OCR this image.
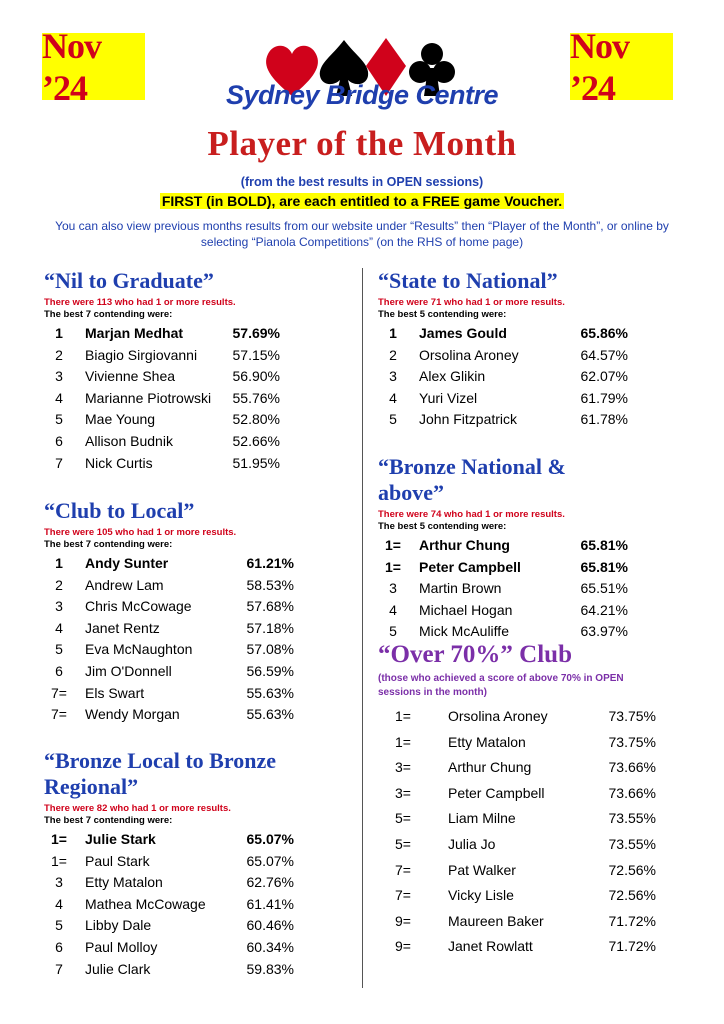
Nov ’24
Nov ’24
Sydney Bridge Centre
Player of the Month
(from the best results in OPEN sessions)
FIRST (in BOLD), are each entitled to a FREE game Voucher.
You can also view previous months results from our website under “Results” then “Player of the Month”, or online by selecting “Pianola Competitions” (on the RHS of home page)
“Nil to Graduate”
There were 113 who had 1 or more results.
The best 7 contending were:
1	Marjan Medhat	57.69%
2	Biagio Sirgiovanni	57.15%
3	Vivienne Shea	56.90%
4	Marianne Piotrowski 55.76%
5	Mae Young	52.80%
6	Allison Budnik	52.66%
7	Nick Curtis	51.95%
“Club to Local”
There were 105 who had 1 or more results.
The best 7 contending were:
1	Andy Sunter	61.21%
2	Andrew Lam	58.53%
3	Chris McCowage	57.68%
4	Janet Rentz	57.18%
5	Eva McNaughton	57.08%
6	Jim O'Donnell	56.59%
7=	Els Swart	55.63%
7=	Wendy Morgan	55.63%
“Bronze Local to Bronze
Regional”
There were 82 who had 1 or more results.
The best 7 contending were:
1=	Julie Stark	65.07%
1=	Paul Stark	65.07%
3	Etty Matalon	62.76%
4	Mathea McCowage	61.41%
5	Libby Dale	60.46%
6	Paul Molloy	60.34%
7	Julie Clark	59.83%
“State to National”
There were 71 who had 1 or more results.
The best 5 contending were:
1	James Gould	65.86%
2	Orsolina Aroney	64.57%
3	Alex Glikin	62.07%
4	Yuri Vizel	61.79%
5	John Fitzpatrick	61.78%
“Bronze National & above”
There were 74 who had 1 or more results.
The best 5 contending were:
1=	Arthur Chung	65.81%
1=	Peter Campbell	65.81%
3	Martin Brown	65.51%
4	Michael Hogan	64.21%
5	Mick McAuliffe	63.97%
“Over 70%” Club
(those who achieved a score of above 70% in OPEN sessions in the month)
1=	Orsolina Aroney	73.75%
1=	Etty Matalon	73.75%
3=	Arthur Chung	73.66%
3=	Peter Campbell	73.66%
5=	Liam Milne	73.55%
5=	Julia Jo	73.55%
7=	Pat Walker	72.56%
7=	Vicky Lisle	72.56%
9=	Maureen Baker	71.72%
9=	Janet Rowlatt	71.72%
